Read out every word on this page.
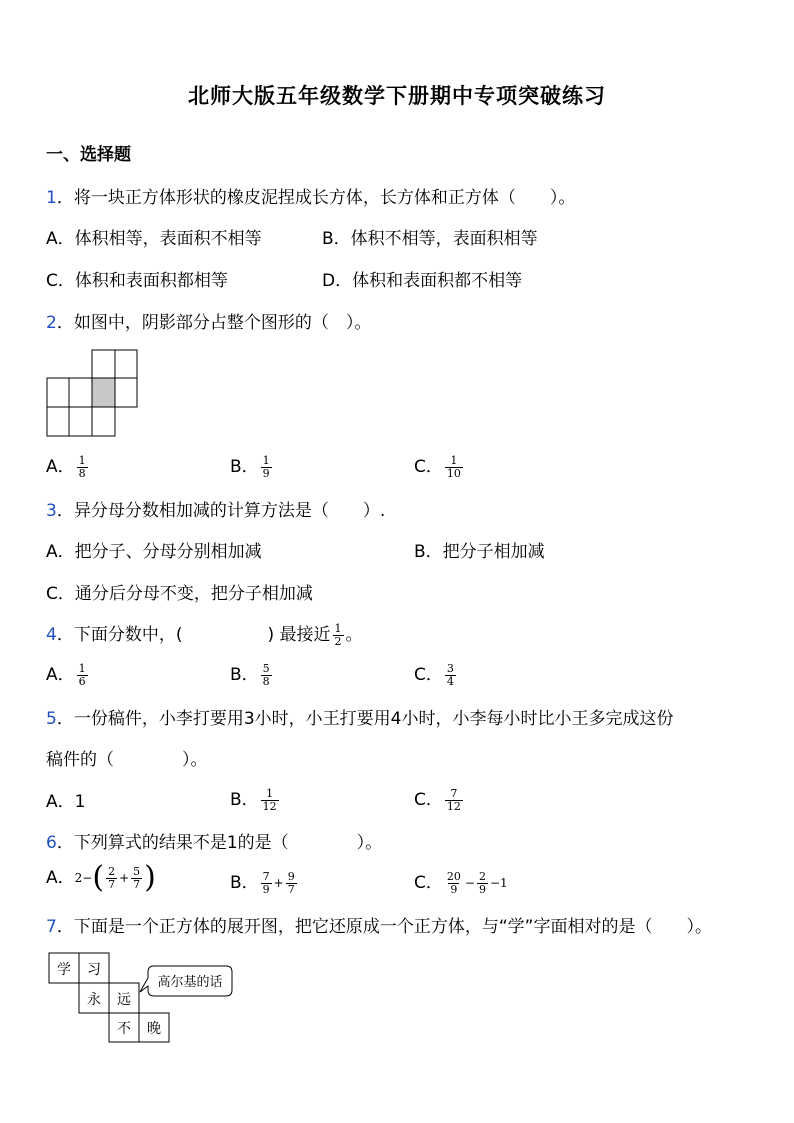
北师大版五年级数学下册期中专项突破练习
一、选择题
1．将一块正方体形状的橡皮泥捏成长方体，长方体和正方体（　　）。
A．体积相等，表面积不相等	B．体积不相等，表面积相等
C．体积和表面积都相等	D．体积和表面积都不相等
2．如图中，阴影部分占整个图形的（　）。
A． $\frac{1}{8}$	B． $\frac{1}{9}$	C． $\frac{1}{10}$
3．异分母分数相加减的计算方法是（　　）.
A．把分子、分母分别相加减	B．把分子相加减
C．通分后分母不变，把分子相加减
4．下面分数中，(　　　　　) 最接近 $\frac{1}{2}$ 。
A． $\frac{1}{6}$	B． $\frac{5}{8}$	C． $\frac{3}{4}$
5．一份稿件，小李打要用3小时，小王打要用4小时，小李每小时比小王多完成这份
稿件的（　　　　）。
A．1	B． $\frac{1}{12}$	C． $\frac{7}{12}$
6．下列算式的结果不是1的是（　　　　）。
A．$2-( \frac{2}{7} + \frac{5}{7}$ )	B． $\frac{7}{9} + \frac{9}{7}$	C． $\frac{20}{9} - \frac{2}{9} -1$
7．下面是一个正方体的展开图，把它还原成一个正方体，与“学”字面相对的是（　　）。
学 习
永 远
不 晚
高尔基的话
